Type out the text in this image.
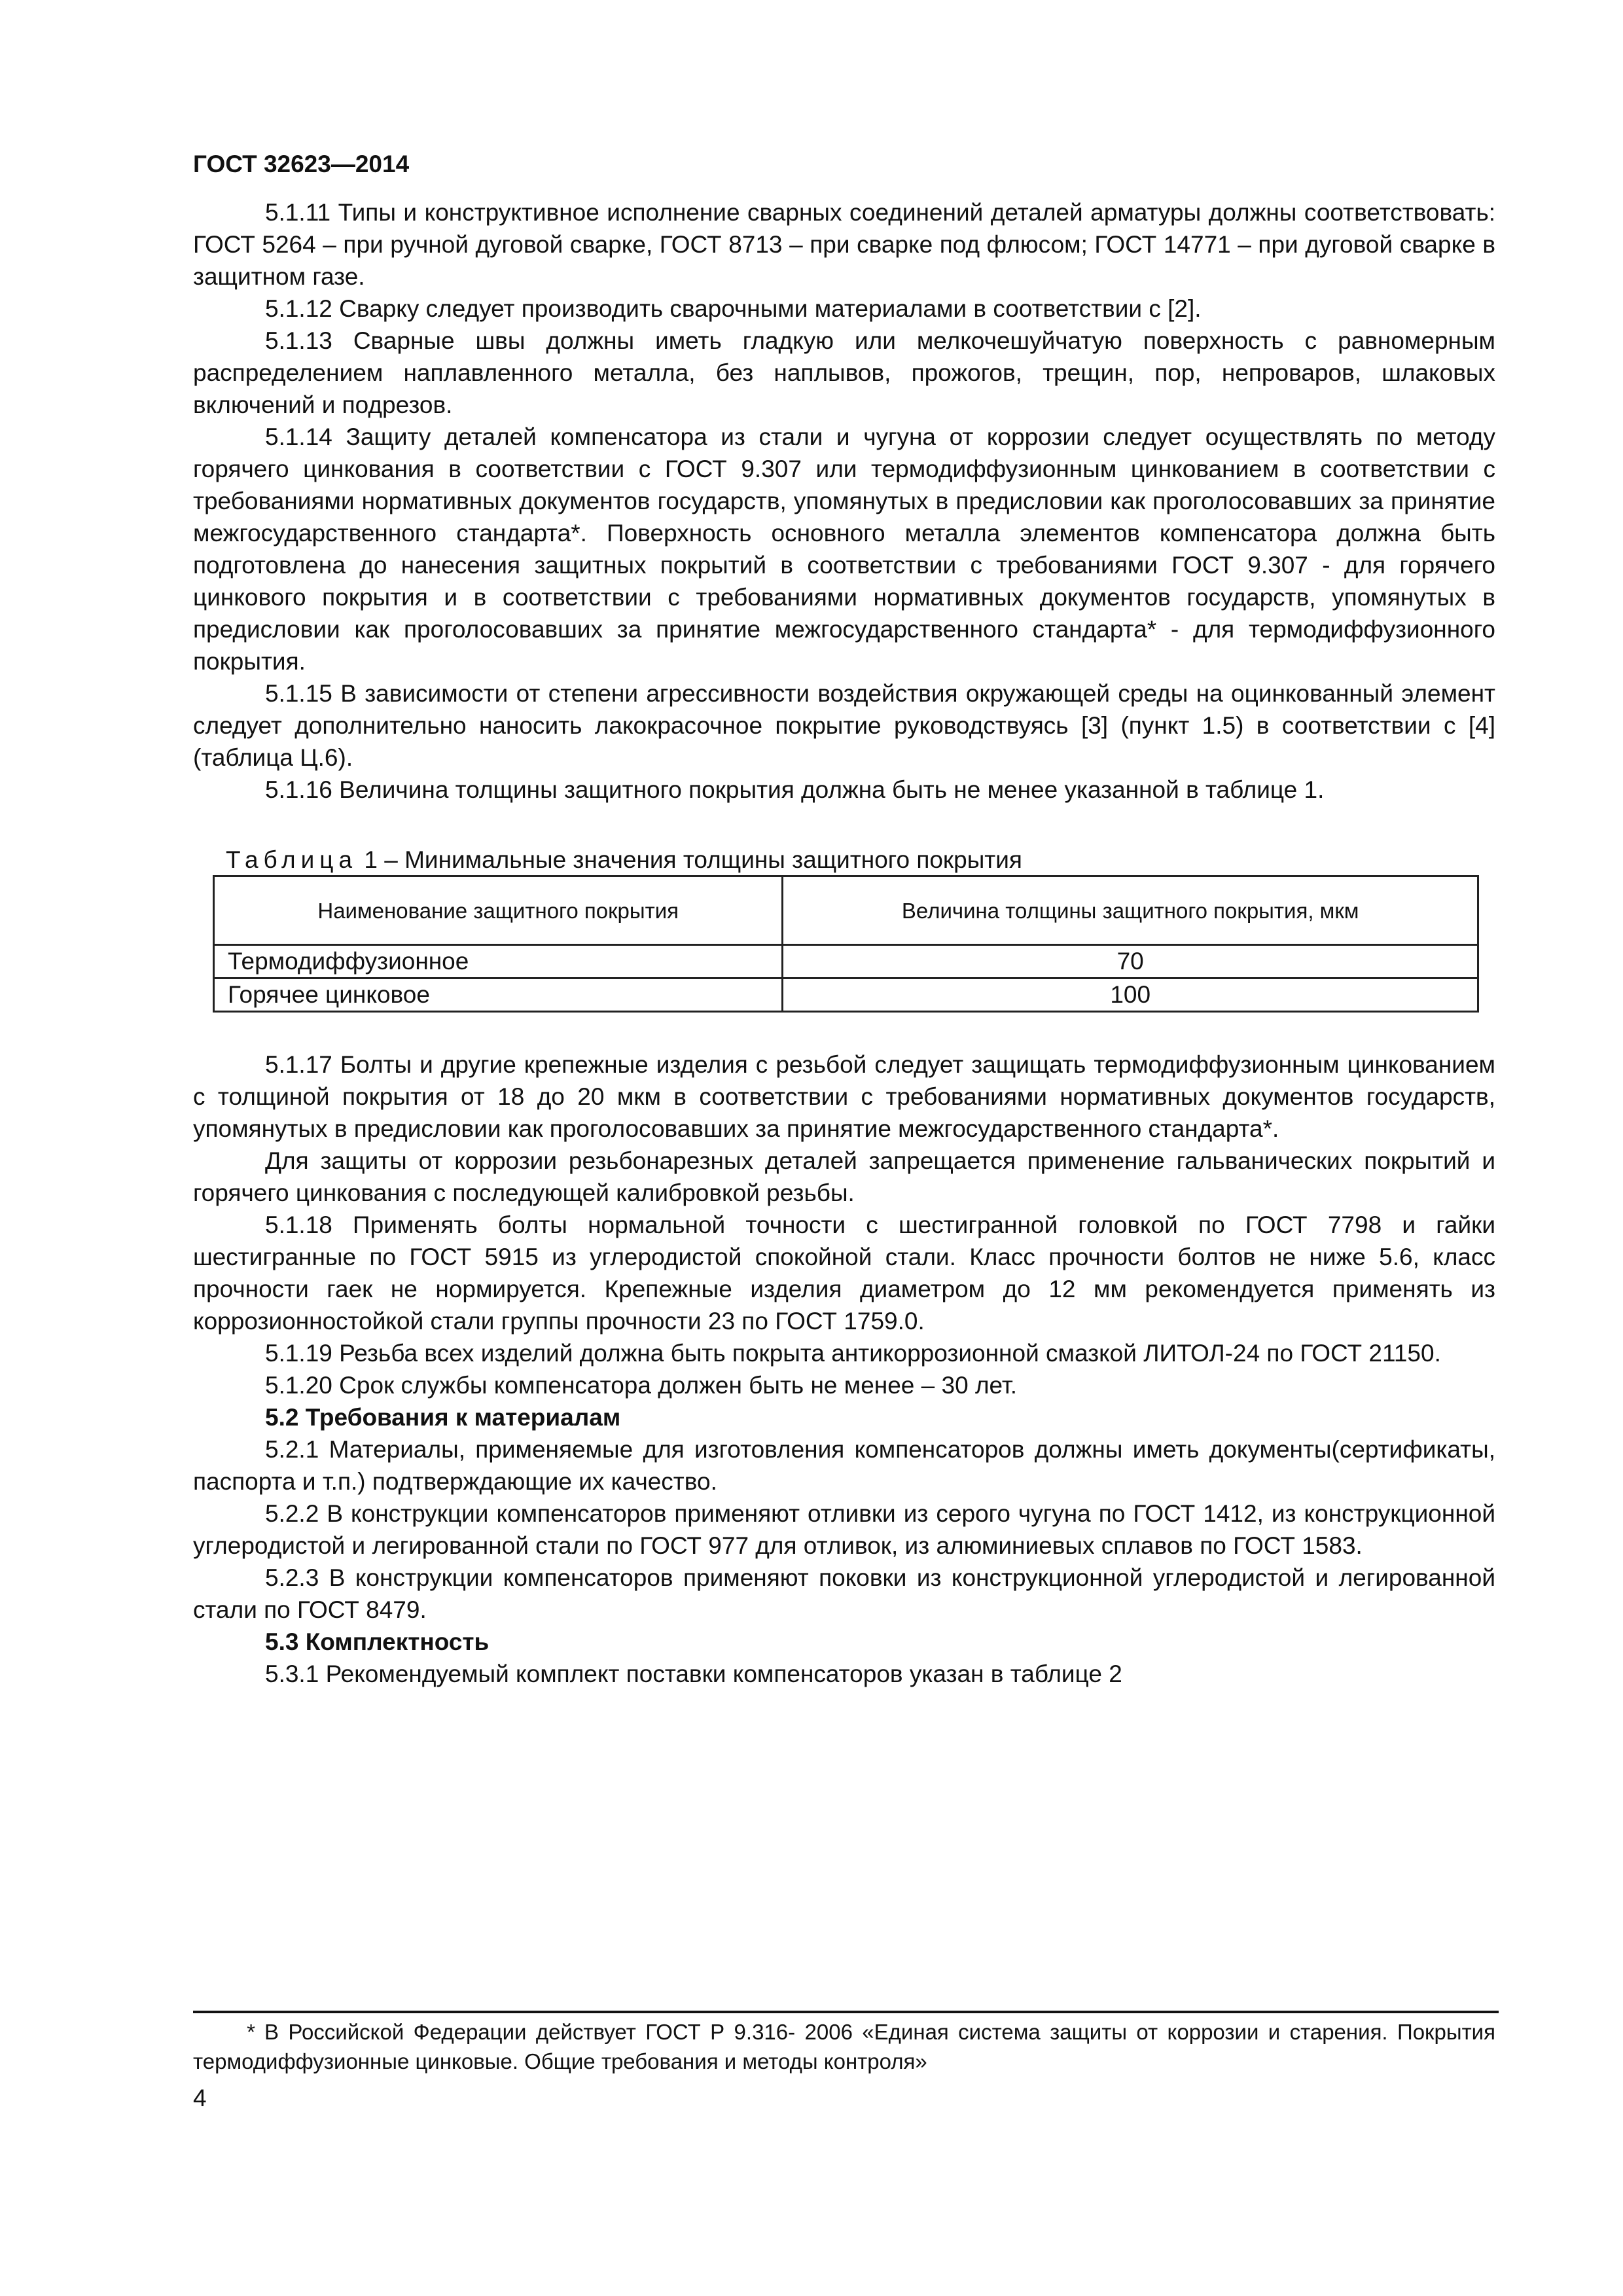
ГОСТ 32623—2014

5.1.11 Типы и конструктивное исполнение сварных соединений деталей арматуры должны соответствовать: ГОСТ 5264 – при ручной дуговой сварке, ГОСТ 8713 – при сварке под флюсом; ГОСТ 14771 – при дуговой сварке в защитном газе.

5.1.12 Сварку следует производить сварочными материалами в соответствии с [2].

5.1.13 Сварные швы должны иметь гладкую или мелкочешуйчатую поверхность с равномерным распределением наплавленного металла, без наплывов, прожогов, трещин, пор, непроваров, шлаковых включений и подрезов.

5.1.14 Защиту деталей компенсатора из стали и чугуна от коррозии следует осуществлять по методу горячего цинкования в соответствии с ГОСТ 9.307 или термодиффузионным цинкованием в соответствии с требованиями нормативных документов государств, упомянутых в предисловии как проголосовавших за принятие межгосударственного стандарта*. Поверхность основного металла элементов компенсатора должна быть подготовлена до нанесения защитных покрытий в соответствии с требованиями ГОСТ 9.307 - для горячего цинкового покрытия и в соответствии с требованиями нормативных документов государств, упомянутых в предисловии как проголосовавших за принятие межгосударственного стандарта* - для термодиффузионного покрытия.

5.1.15 В зависимости от степени агрессивности воздействия окружающей среды на оцинкованный элемент следует дополнительно наносить лакокрасочное покрытие руководствуясь [3] (пункт 1.5) в соответствии с [4] (таблица Ц.6).

5.1.16 Величина толщины защитного покрытия должна быть не менее указанной в таблице 1.

Таблица 1 – Минимальные значения толщины защитного покрытия
Наименование защитного покрытия	Величина толщины защитного покрытия, мкм
Термодиффузионное	70
Горячее цинковое	100

5.1.17 Болты и другие крепежные изделия с резьбой следует защищать термодиффузионным цинкованием с толщиной покрытия от 18 до 20 мкм в соответствии с требованиями нормативных документов государств, упомянутых в предисловии как проголосовавших за принятие межгосударственного стандарта*.

Для защиты от коррозии резьбонарезных деталей запрещается применение гальванических покрытий и горячего цинкования с последующей калибровкой резьбы.

5.1.18 Применять болты нормальной точности с шестигранной головкой по ГОСТ 7798 и гайки шестигранные по ГОСТ 5915 из углеродистой спокойной стали. Класс прочности болтов не ниже 5.6, класс прочности гаек не нормируется. Крепежные изделия диаметром до 12 мм рекомендуется применять из коррозионностойкой стали группы прочности 23 по ГОСТ 1759.0.

5.1.19 Резьба всех изделий должна быть покрыта антикоррозионной смазкой ЛИТОЛ-24 по ГОСТ 21150.

5.1.20 Срок службы компенсатора должен быть не менее – 30 лет.

5.2 Требования к материалам

5.2.1 Материалы, применяемые для изготовления компенсаторов должны иметь документы(сертификаты, паспорта и т.п.) подтверждающие их качество.

5.2.2 В конструкции компенсаторов применяют отливки из серого чугуна по ГОСТ 1412, из конструкционной углеродистой и легированной стали по ГОСТ 977 для отливок, из алюминиевых сплавов по ГОСТ 1583.

5.2.3 В конструкции компенсаторов применяют поковки из конструкционной углеродистой и легированной стали по ГОСТ 8479.

5.3 Комплектность

5.3.1 Рекомендуемый комплект поставки компенсаторов указан в таблице 2

* В Российской Федерации действует ГОСТ Р 9.316- 2006 «Единая система защиты от коррозии и старения. Покрытия термодиффузионные цинковые. Общие требования и методы контроля»
4
